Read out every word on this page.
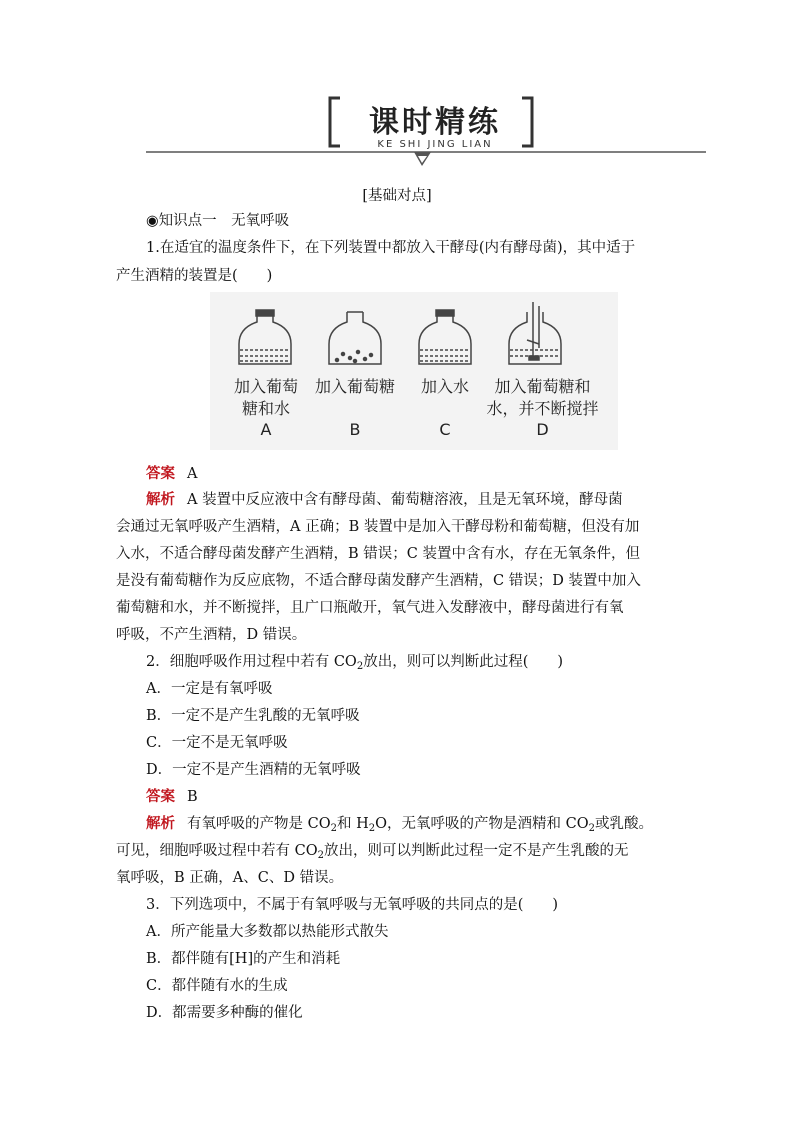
课时精练
KE SHI JING LIAN
[基础对点]
◉知识点一　无氧呼吸
1.在适宜的温度条件下，在下列装置中都放入干酵母(内有酵母菌)，其中适于
产生酒精的装置是(　　)
加入葡萄
糖和水
A
加入葡萄糖
B
加入水
C
加入葡萄糖和
水，并不断搅拌
D
答案 A
解析 A 装置中反应液中含有酵母菌、葡萄糖溶液，且是无氧环境，酵母菌
会通过无氧呼吸产生酒精，A 正确；B 装置中是加入干酵母粉和葡萄糖，但没有加
入水，不适合酵母菌发酵产生酒精，B 错误；C 装置中含有水，存在无氧条件，但
是没有葡萄糖作为反应底物，不适合酵母菌发酵产生酒精，C 错误；D 装置中加入
葡萄糖和水，并不断搅拌，且广口瓶敞开，氧气进入发酵液中，酵母菌进行有氧
呼吸，不产生酒精，D 错误。
2．细胞呼吸作用过程中若有 $CO_2$放出，则可以判断此过程(　　)
A．一定是有氧呼吸
B．一定不是产生乳酸的无氧呼吸
C．一定不是无氧呼吸
D．一定不是产生酒精的无氧呼吸
答案 B
解析 有氧呼吸的产物是 $CO_2$和 $H_2O$，无氧呼吸的产物是酒精和 $CO_2$或乳酸。
可见，细胞呼吸过程中若有 $CO_2$放出，则可以判断此过程一定不是产生乳酸的无
氧呼吸，B 正确，A、C、D 错误。
3．下列选项中，不属于有氧呼吸与无氧呼吸的共同点的是(　　)
A．所产能量大多数都以热能形式散失
B．都伴随有[H]的产生和消耗
C．都伴随有水的生成
D．都需要多种酶的催化
